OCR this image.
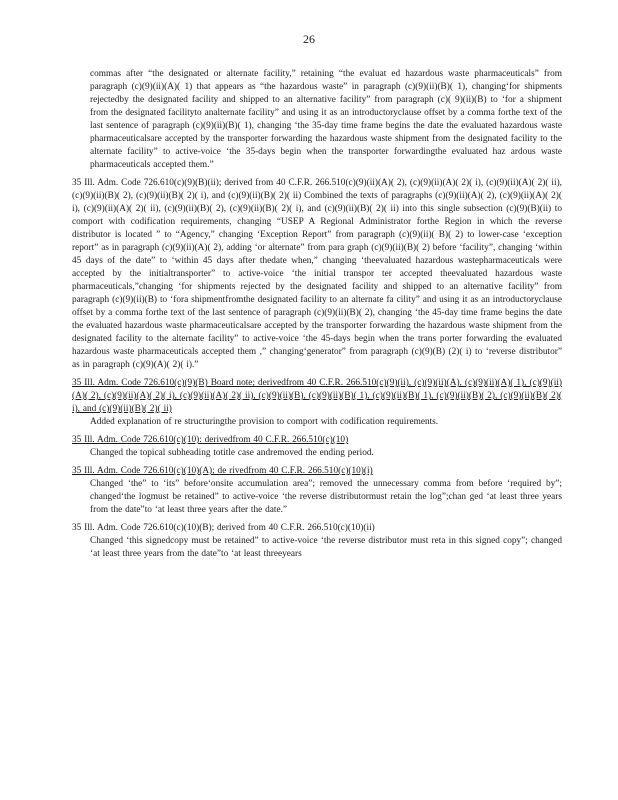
26

commas after “the designated or alternate facility,” retaining “the evaluat ed hazardous waste pharmaceuticals” from paragraph (c)(9)(ii)(A)( 1) that appears as “the hazardous waste” in paragraph (c)(9)(ii)(B)( 1), changing‘for shipments rejectedby the designated facility and shipped to an alternative facility” from paragraph (c)( 9)(ii)(B) to ‘for a shipment from the designated facilityto analternate facility” and using it as an introductoryclause offset by a comma forthe text of the last sentence of paragraph (c)(9)(ii)(B)( 1), changing ‘the 35-day time frame begins the date the evaluated hazardous waste pharmaceuticalsare accepted by the transporter forwarding the hazardous waste shipment from the designated facility to the alternate facility” to active-voice ‘the 35-days begin when the transporter forwardingthe evaluated haz ardous waste pharmaceuticals accepted them.”

35 Ill. Adm. Code 726.610(c)(9)(B)(ii); derived from 40 C.F.R. 266.510(c)(9)(ii)(A)( 2), (c)(9)(ii)(A)( 2)( i), (c)(9)(ii)(A)( 2)( ii), (c)(9)(ii)(B)( 2), (c)(9)(ii)(B)( 2)( i), and (c)(9)(ii)(B)( 2)( ii) Combined the texts of paragraphs (c)(9)(ii)(A)( 2), (c)(9)(ii)(A)( 2)( i), (c)(9)(ii)(A)( 2)( ii), (c)(9)(ii)(B)( 2), (c)(9)(ii)(B)( 2)( i), and (c)(9)(ii)(B)( 2)( ii) into this single subsection (c)(9)(B)(ii) to comport with codification requirements, changing “USEP A Regional Administrator forthe Region in which the reverse distributor is located ” to “Agency,” changing ‘Exception Report” from paragraph (c)(9)(ii)( B)( 2) to lower-case ‘exception report” as in paragraph (c)(9)(ii)(A)( 2), adding ‘or alternate” from para graph (c)(9)(ii)(B)( 2) before ‘facility”, changing ‘within 45 days of the date” to ‘within 45 days after thedate when,” changing ‘theevaluated hazardous wastepharmaceuticals were accepted by the initialtransporter” to active-voice ‘the initial transpor ter accepted theevaluated hazardous waste pharmaceuticals,”changing ‘for shipments rejected by the designated facility and shipped to an alternative facility” from paragraph (c)(9)(ii)(B) to ‘fora shipmentfromthe designated facility to an alternate fa cility” and using it as an introductoryclause offset by a comma forthe text of the last sentence of paragraph (c)(9)(ii)(B)( 2), changing ‘the 45-day time frame begins the date the evaluated hazardous waste pharmaceuticalsare accepted by the transporter forwarding the hazardous waste shipment from the designated facility to the alternate facility” to active-voice ‘the 45-days begin when the trans porter forwarding the evaluated hazardous waste pharmaceuticals accepted them ,” changing‘generator” from paragraph (c)(9)(B) (2)( i) to ‘reverse distributor” as in paragraph (c)(9)(A)( 2)( i).”

35 Ill. Adm. Code 726.610(c)(9)(B) Board note; derivedfrom 40 C.F.R. 266.510(c)(9)(ii), (c)(9)(ii)(A), (c)(9)(ii)(A)( 1), (c)(9)(ii)(A)( 2), (c)(9)(ii)(A)( 2)( i), (c)(9)(ii)(A)( 2)( ii), (c)(9)(ii)(B), (c)(9)(ii)(B)( 1), (c)(9)(ii)(B)( 1), (c)(9)(ii)(B)( 2), (c)(9)(ii)(B)( 2)( i), and (c)(9)(ii)(B)( 2)( ii)

Added explanation of re structuringthe provision to comport with codification requirements.

35 Ill. Adm. Code 726.610(c)(10): derivedfrom 40 C.F.R. 266.510(c)(10)

Changed the topical subheading totitle case andremoved the ending period.

35 Ill. Adm. Code 726.610(c)(10)(A); de rivedfrom 40 C.F.R. 266.510(c)(10)(i)

Changed ‘the” to ‘its” before‘onsite accumulation area”; removed the unnecessary comma from before ‘required by”; changed‘the logmust be retained” to active-voice ‘the reverse distributormust retain the log”;chan ged ‘at least three years from the date”to ‘at least three years after the date.”

35 Ill. Adm. Code 726.610(c)(10)(B); derived from 40 C.F.R. 266.510(c)(10)(ii)

Changed ‘this signedcopy must be retained” to active-voice ‘the reverse distributor must reta in this signed copy”; changed ‘at least three years from the date”to ‘at least threeyears
